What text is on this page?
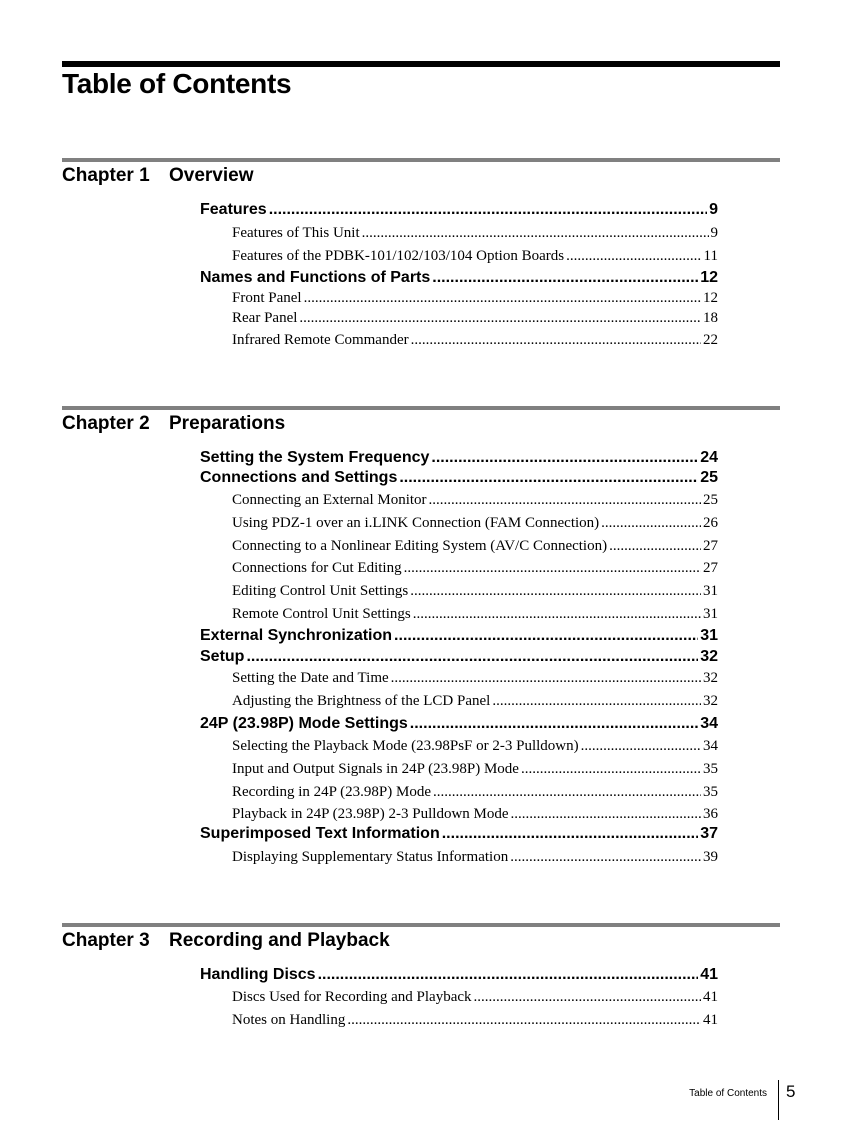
Table of Contents
Chapter 1 Overview
Features .....	9
Features of This Unit .....	9
Features of the PDBK-101/102/103/104 Option Boards .....	11
Names and Functions of Parts .....	12
Front Panel .....	12
Rear Panel .....	18
Infrared Remote Commander .....	22
Chapter 2 Preparations
Setting the System Frequency .....	24
Connections and Settings .....	25
Connecting an External Monitor .....	25
Using PDZ-1 over an i.LINK Connection (FAM Connection) .....	26
Connecting to a Nonlinear Editing System (AV/C Connection) .....	27
Connections for Cut Editing .....	27
Editing Control Unit Settings .....	31
Remote Control Unit Settings .....	31
External Synchronization .....	31
Setup .....	32
Setting the Date and Time .....	32
Adjusting the Brightness of the LCD Panel .....	32
24P (23.98P) Mode Settings .....	34
Selecting the Playback Mode (23.98PsF or 2-3 Pulldown) .....	34
Input and Output Signals in 24P (23.98P) Mode .....	35
Recording in 24P (23.98P) Mode .....	35
Playback in 24P (23.98P) 2-3 Pulldown Mode .....	36
Superimposed Text Information .....	37
Displaying Supplementary Status Information .....	39
Chapter 3 Recording and Playback
Handling Discs .....	41
Discs Used for Recording and Playback .....	41
Notes on Handling .....	41
Table of Contents 5
